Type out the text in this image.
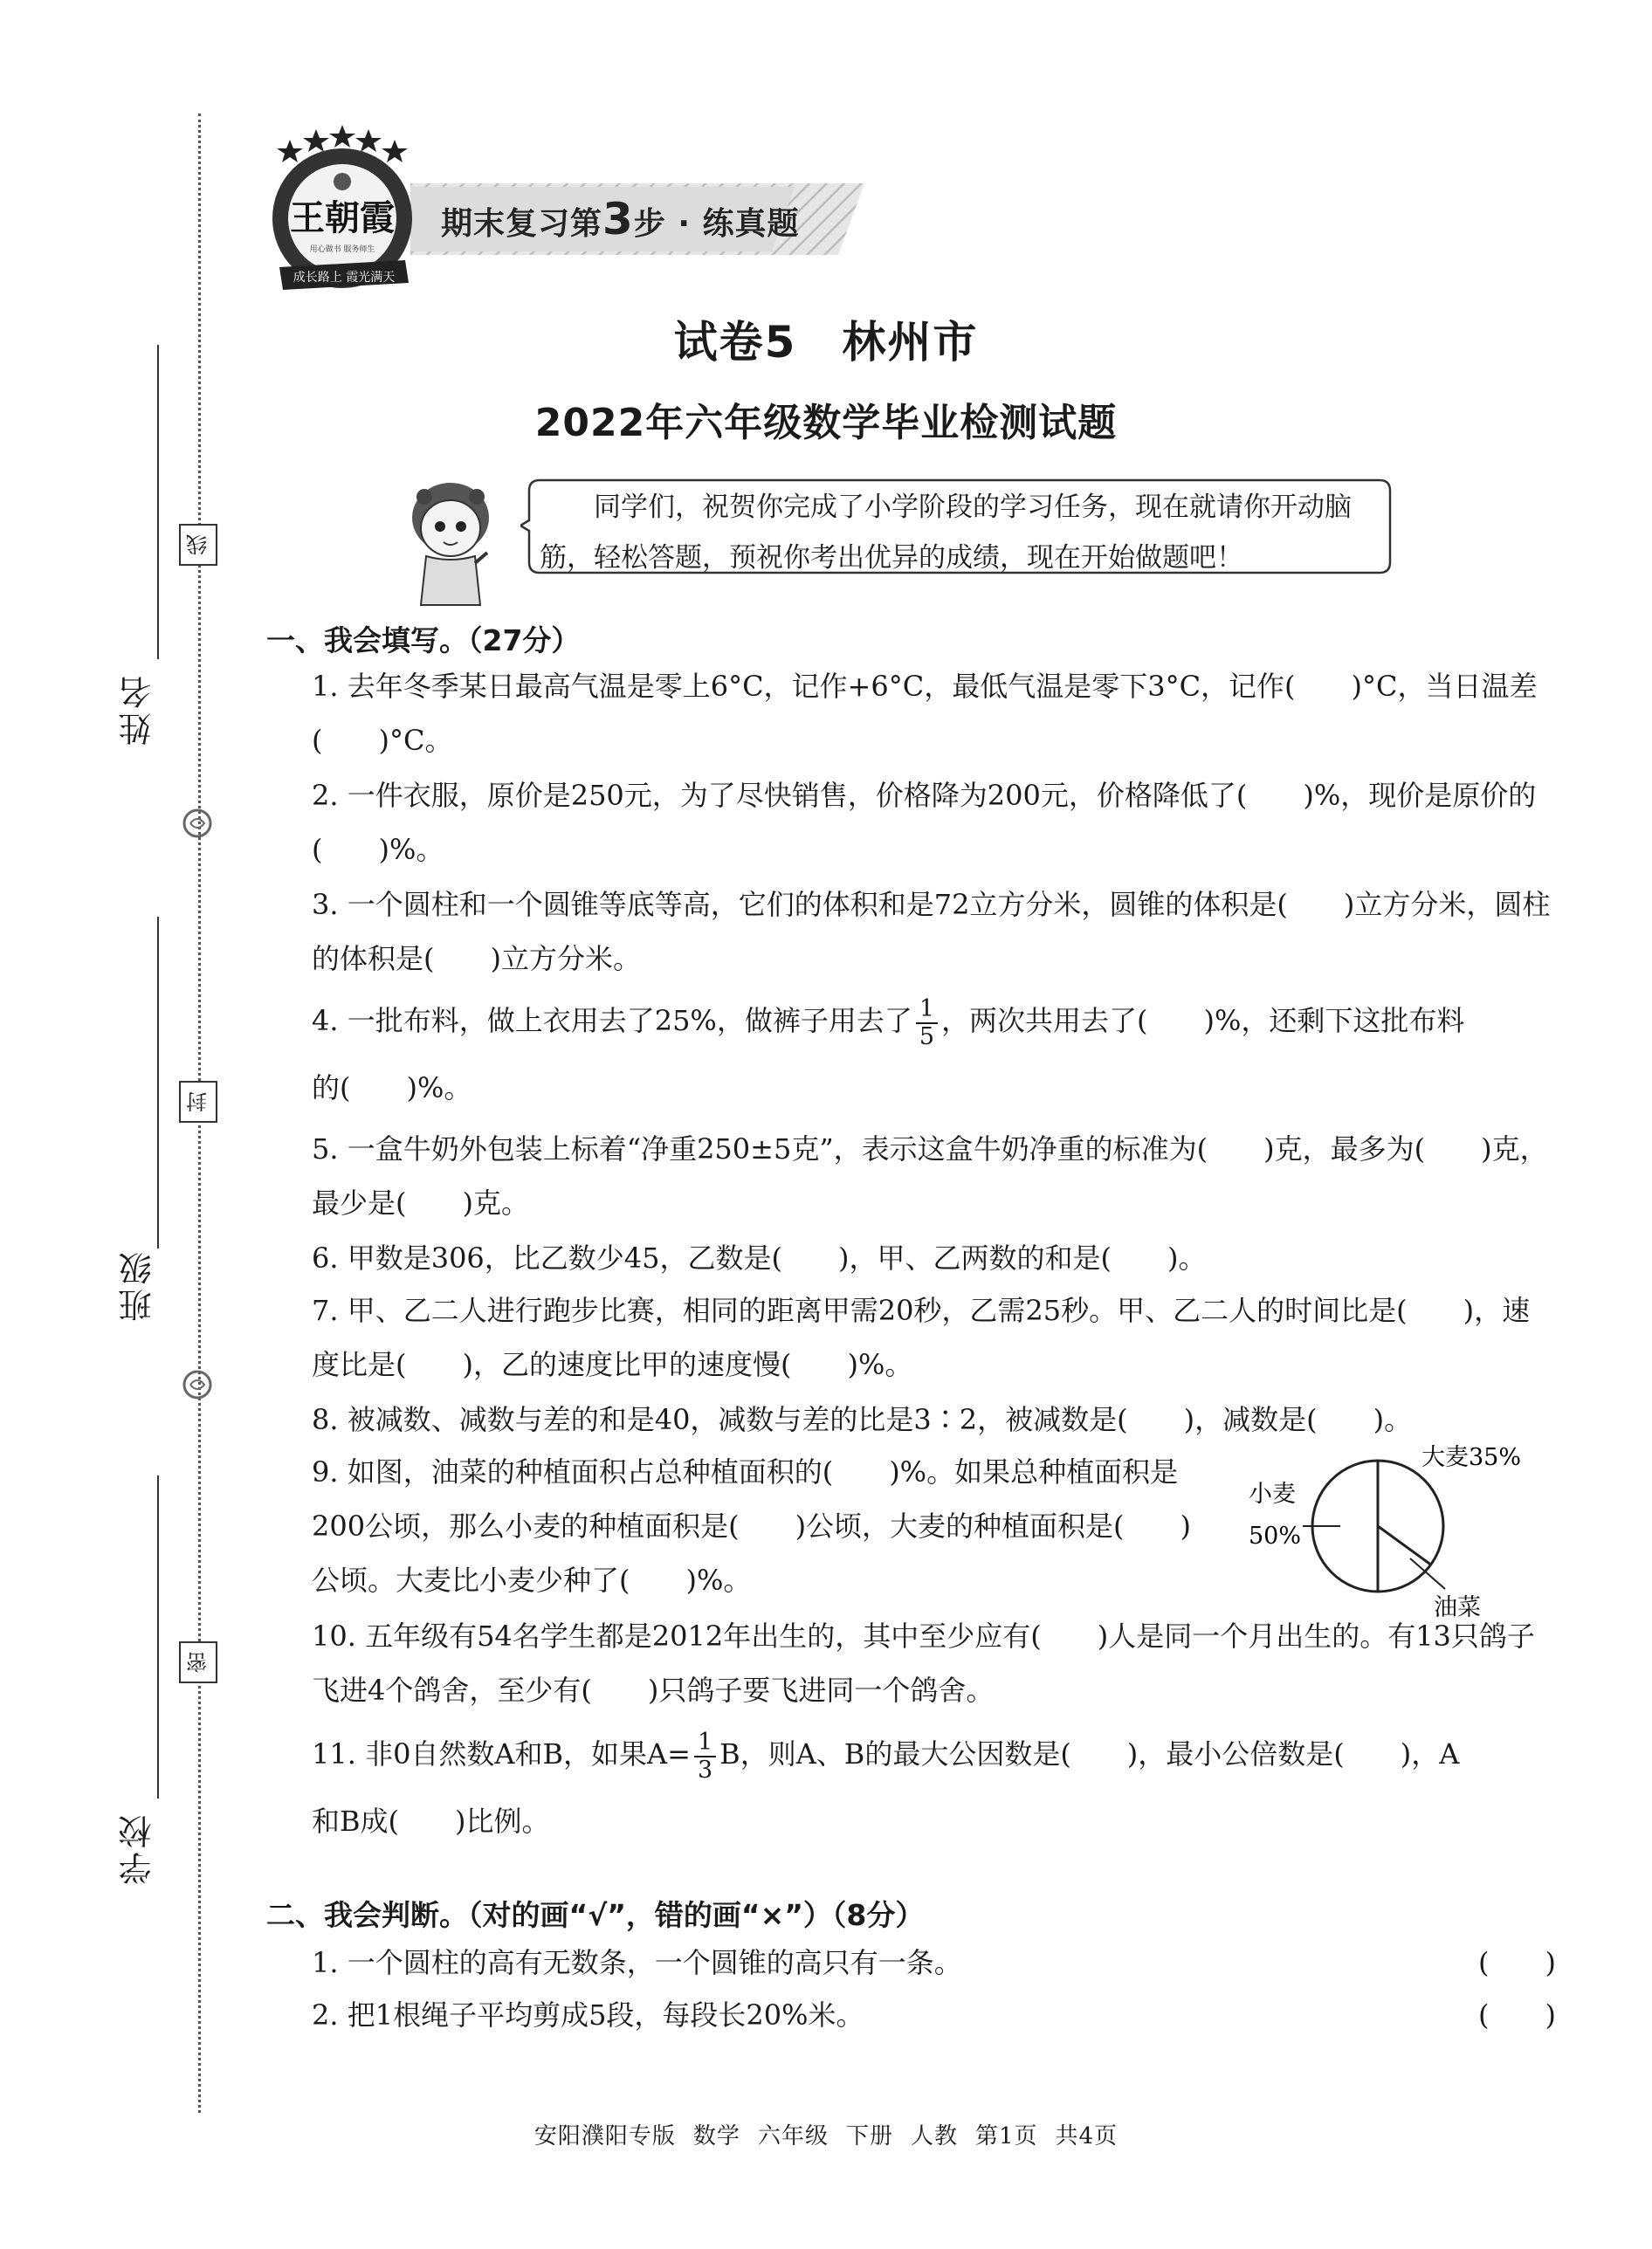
姓名
班级
学校
线
封
密
期末复习第3步 · 练真题
王朝霞
用心做书 服务师生
成长路上 霞光满天
试卷5　林州市
2022年六年级数学毕业检测试题
同学们，祝贺你完成了小学阶段的学习任务，现在就请你开动脑筋，轻松答题，预祝你考出优异的成绩，现在开始做题吧！
一、我会填写。（27分）
1. 去年冬季某日最高气温是零上6°C，记作+6°C，最低气温是零下3°C，记作(　　)°C，当日温差(　　)°C。
2. 一件衣服，原价是250元，为了尽快销售，价格降为200元，价格降低了(　　)%，现价是原价的(　　)%。
3. 一个圆柱和一个圆锥等底等高，它们的体积和是72立方分米，圆锥的体积是(　　)立方分米，圆柱的体积是(　　)立方分米。
4. 一批布料，做上衣用去了25%，做裤子用去了 $\frac{1}{5}$ ，两次共用去了(　　)%，还剩下这批布料
的(　　)%。
5. 一盒牛奶外包装上标着“净重250±5克”，表示这盒牛奶净重的标准为(　　)克，最多为(　　)克，最少是(　　)克。
6. 甲数是306，比乙数少45，乙数是(　　)，甲、乙两数的和是(　　)。
7. 甲、乙二人进行跑步比赛，相同的距离甲需20秒，乙需25秒。甲、乙二人的时间比是(　　)，速度比是(　　)，乙的速度比甲的速度慢(　　)%。
8. 被减数、减数与差的和是40，减数与差的比是3∶2，被减数是(　　)，减数是(　　)。
9. 如图，油菜的种植面积占总种植面积的(　　)%。如果总种植面积是200公顷，那么小麦的种植面积是(　　)公顷，大麦的种植面积是(　　)公顷。大麦比小麦少种了(　　)%。
小麦
50%
大麦35%
油菜
10. 五年级有54名学生都是2012年出生的，其中至少应有(　　)人是同一个月出生的。有13只鸽子飞进4个鸽舍，至少有(　　)只鸽子要飞进同一个鸽舍。
11. 非0自然数A和B，如果$A= \frac{1}{3}$ B，则A、B的最大公因数是(　　)，最小公倍数是(　　)，A
和B成(　　)比例。
二、我会判断。（对的画“√”，错的画“×”）（8分）
1. 一个圆柱的高有无数条，一个圆锥的高只有一条。	(　　)
2. 把1根绳子平均剪成5段，每段长20%米。	(　　)
安阳濮阳专版 数学 六年级 下册 人教 第1页 共4页
